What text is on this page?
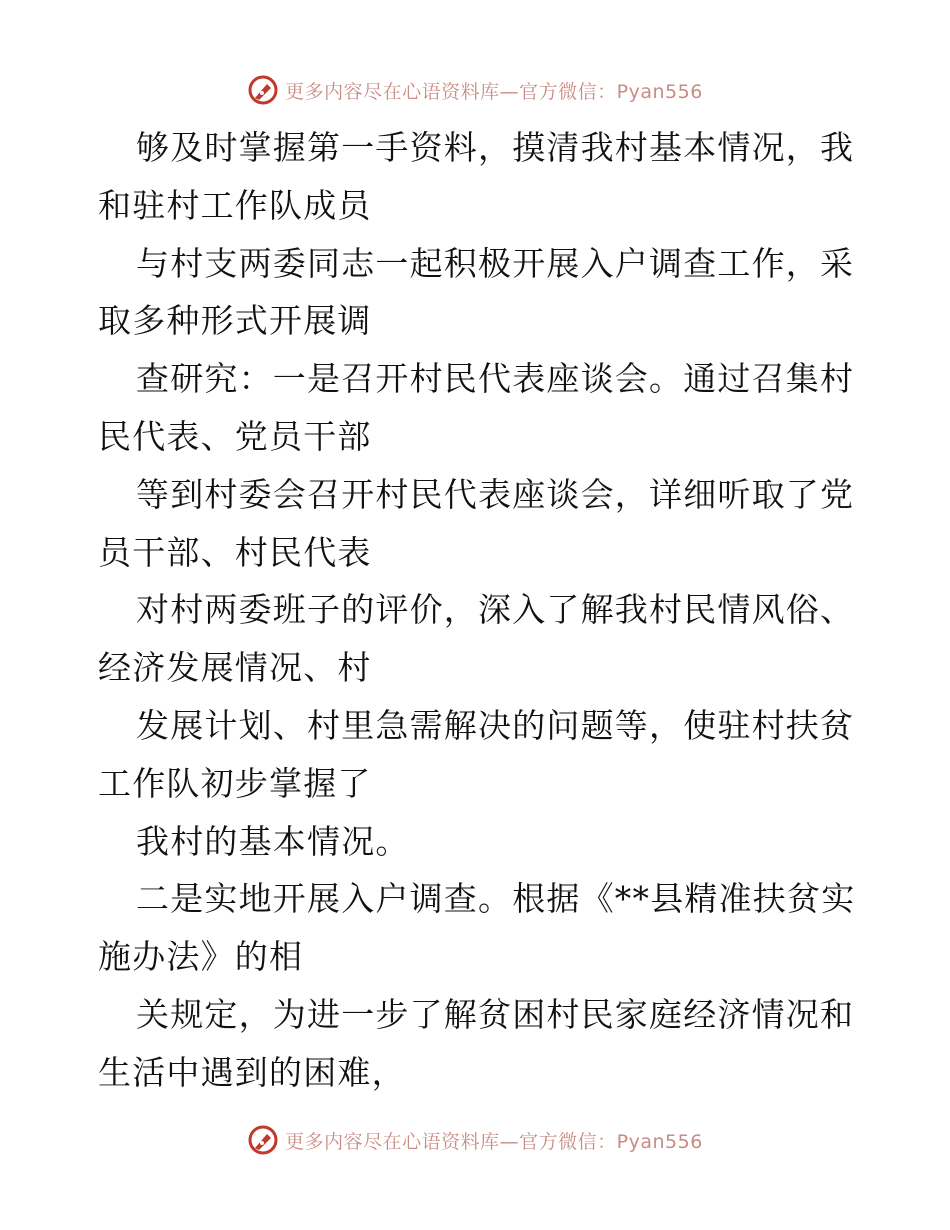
更多内容尽在心语资料库—官方微信：Pyan556
够及时掌握第一手资料，摸清我村基本情况，我
和驻村工作队成员
与村支两委同志一起积极开展入户调查工作，采
取多种形式开展调
查研究：一是召开村民代表座谈会。通过召集村
民代表、党员干部
等到村委会召开村民代表座谈会，详细听取了党
员干部、村民代表
对村两委班子的评价，深入了解我村民情风俗、
经济发展情况、村
发展计划、村里急需解决的问题等，使驻村扶贫
工作队初步掌握了
我村的基本情况。
二是实地开展入户调查。根据《**县精准扶贫实
施办法》的相
关规定，为进一步了解贫困村民家庭经济情况和
生活中遇到的困难，
更多内容尽在心语资料库—官方微信：Pyan556
